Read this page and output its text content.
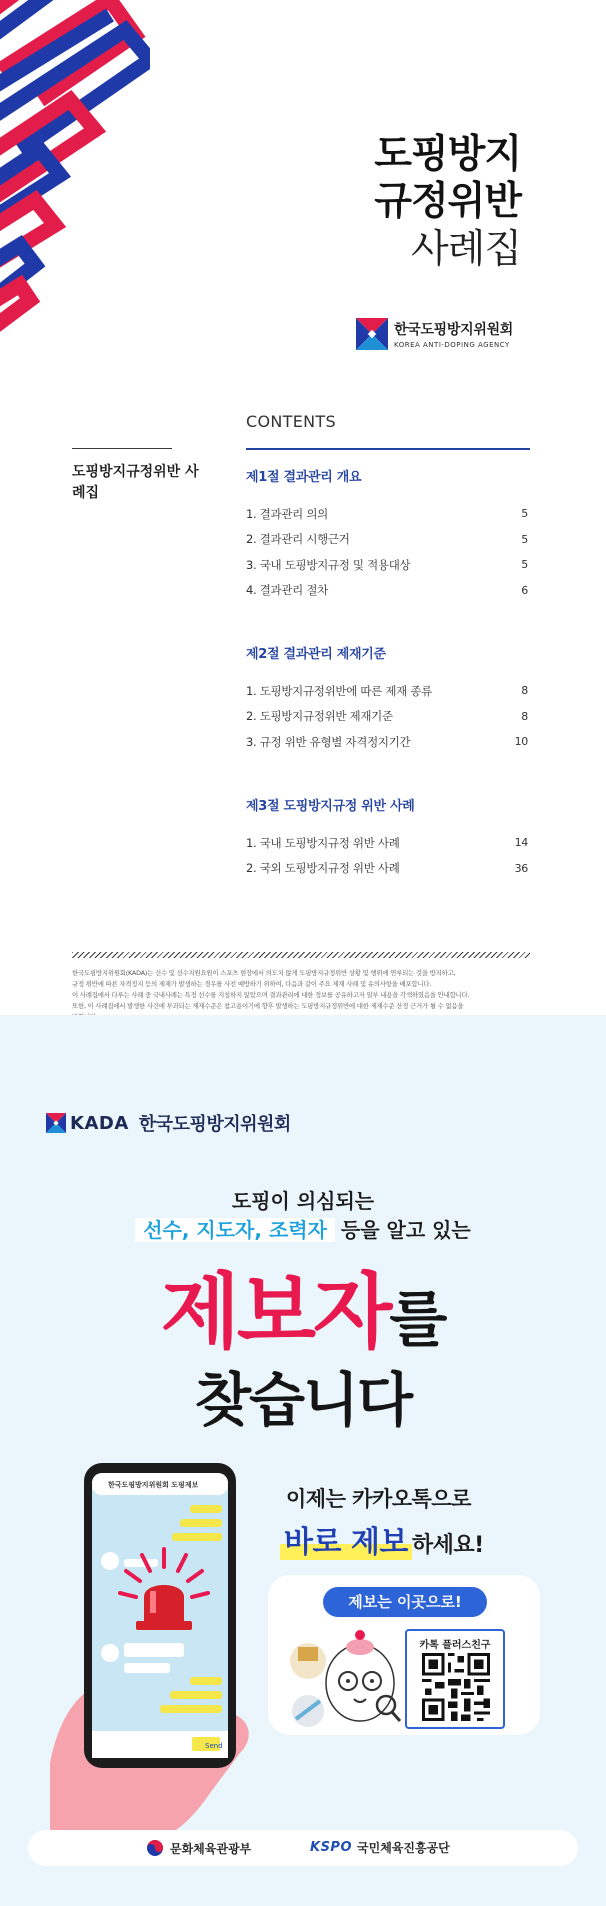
도핑방지
규정위반
사례집
한국도핑방지위원회
KOREA ANTI-DOPING AGENCY
도핑방지규정위반 사례집
CONTENTS
제1절 결과관리 개요
1. 결과관리 의의	5
2. 결과관리 시행근거	5
3. 국내 도핑방지규정 및 적용대상	5
4. 결과관리 절차	6
제2절 결과관리 제재기준
1. 도핑방지규정위반에 따른 제재 종류	8
2. 도핑방지규정위반 제재기준	8
3. 규정 위반 유형별 자격정지기간	10
제3절 도핑방지규정 위반 사례
1. 국내 도핑방지규정 위반 사례	14
2. 국외 도핑방지규정 위반 사례	36
한국도핑방지위원회(KADA)는 선수 및 선수지원요원이 스포츠 현장에서 의도치 않게 도핑방지규정위반 상황 및 행위에 연루되는 것을 방지하고,
규정 위반에 따른 자격정지 등의 제재가 발생하는 경우를 사전 예방하기 위하여, 다음과 같이 주요 제재 사례 및 유의사항을 배포합니다.
이 사례집에서 다루는 사례 중 국내사례는 특정 선수를 지칭하지 않았으며 결과관리에 대한 정보를 공유하고자 일부 내용을 각색하였음을 안내합니다.
또한, 이 사례집에서 발생한 사건에 부과되는 제재수준은 참고용이기에 향후 발생하는 도핑방지규정위반에 대한 제재수준 산정 근거가 될 수 없음을
KADA 한국도핑방지위원회
도핑이 의심되는
선수, 지도자, 조력자 등을 알고 있는
제보자를
찾습니다
한국도핑방지위원회 도핑제보
Send
이제는 카카오톡으로
바로 제보 하세요!
제보는 이곳으로!
카톡 플러스친구
문화체육관광부	KSPO 국민체육진흥공단
